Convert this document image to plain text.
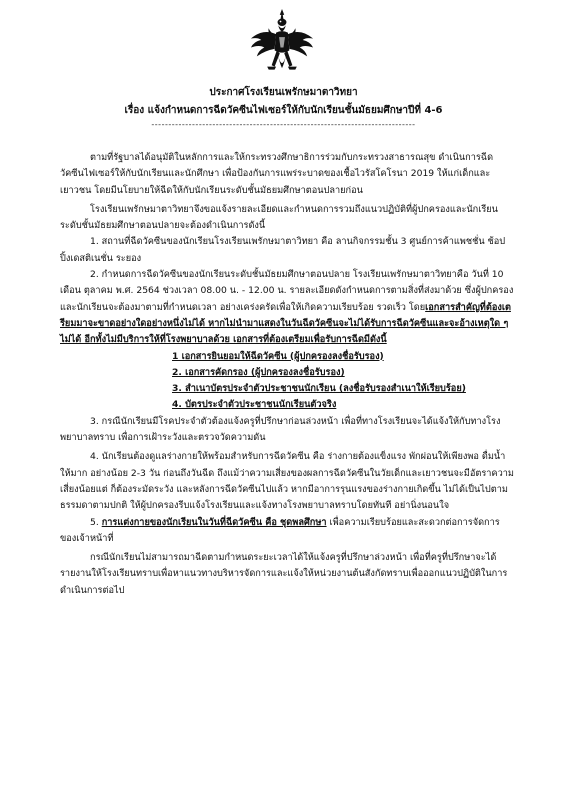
ประกาศโรงเรียนเพรักษมาตาวิทยา
เรื่อง แจ้งกำหนดการฉีดวัคซีนไฟเซอร์ให้กับนักเรียนชั้นมัธยมศึกษาปีที่ 4-6
------------------------------------------------------------------------------

ตามที่รัฐบาลได้อนุมัติในหลักการและให้กระทรวงศึกษาธิการร่วมกับกระทรวงสาธารณสุข ดำเนินการฉีดวัคซีนไฟเซอร์ให้กับนักเรียนและนักศึกษา เพื่อป้องกันการแพร่ระบาดของเชื้อไวรัสโคโรนา 2019 ให้แก่เด็กและเยาวชน โดยมีนโยบายให้ฉีดให้กับนักเรียนระดับชั้นมัธยมศึกษาตอนปลายก่อน

โรงเรียนเพรักษมาตาวิทยาจึงขอแจ้งรายละเอียดและกำหนดการรวมถึงแนวปฏิบัติที่ผู้ปกครองและนักเรียนระดับชั้นมัธยมศึกษาตอนปลายจะต้องดำเนินการดังนี้

1. สถานที่ฉีดวัคซีนของนักเรียนโรงเรียนเพรักษมาตาวิทยา คือ ลานกิจกรรมชั้น 3 ศูนย์การค้าแพชชั่น ช้อปปิ้งเดสติเนชั่น ระยอง

2. กำหนดการฉีดวัคซีนของนักเรียนระดับชั้นมัธยมศึกษาตอนปลาย โรงเรียนเพรักษมาตาวิทยาคือ วันที่ 10 เดือน ตุลาคม พ.ศ. 2564 ช่วงเวลา 08.00 น. - 12.00 น. รายละเอียดดังกำหนดการตามสิ่งที่ส่งมาด้วย ซึ่งผู้ปกครองและนักเรียนจะต้องมาตามที่กำหนดเวลา อย่างเคร่งครัดเพื่อให้เกิดความเรียบร้อย รวดเร็ว โดยเอกสารสำคัญที่ต้องเตรียมมาจะขาดอย่างใดอย่างหนึ่งไม่ได้ หากไม่นำมาแสดงในวันฉีดวัคซีนจะไม่ได้รับการฉีดวัคซีนและจะอ้างเหตุใด ๆ ไม่ได้ อีกทั้งไม่มีบริการให้ที่โรงพยาบาลด้วย เอกสารที่ต้องเตรียมเพื่อรับการฉีดมีดังนี้

1 เอกสารยินยอมให้ฉีดวัคซีน (ผู้ปกครองลงชื่อรับรอง)

2. เอกสารคัดกรอง (ผู้ปกครองลงชื่อรับรอง)

3. สำเนาบัตรประจำตัวประชาชนนักเรียน (ลงชื่อรับรองสำเนาให้เรียบร้อย)

4. บัตรประจำตัวประชาชนนักเรียนตัวจริง

3. กรณีนักเรียนมีโรคประจำตัวต้องแจ้งครูที่ปรึกษาก่อนล่วงหน้า เพื่อที่ทางโรงเรียนจะได้แจ้งให้กับทางโรงพยาบาลทราบ เพื่อการเฝ้าระวังและตรวจวัดความดัน

4. นักเรียนต้องดูแลร่างกายให้พร้อมสำหรับการฉีดวัคซีน คือ ร่างกายต้องแข็งแรง พักผ่อนให้เพียงพอ ดื่มน้ำให้มาก อย่างน้อย 2-3 วัน ก่อนถึงวันฉีด ถึงแม้ว่าความเสี่ยงของผลการฉีดวัคซีนในวัยเด็กและเยาวชนจะมีอัตราความเสี่ยงน้อยแต่ ก็ต้องระมัดระวัง และหลังการฉีดวัคซีนไปแล้ว หากมีอาการรุนแรงของร่างกายเกิดขึ้น ไม่ได้เป็นไปตามธรรมดาตามปกติ ให้ผู้ปกครองรีบแจ้งโรงเรียนและแจ้งทางโรงพยาบาลทราบโดยทันที อย่านิ่งนอนใจ

5. การแต่งกายของนักเรียนในวันที่ฉีดวัคซีน คือ ชุดพลศึกษา เพื่อความเรียบร้อยและสะดวกต่อการจัดการของเจ้าหน้าที่

กรณีนักเรียนไม่สามารถมาฉีดตามกำหนดระยะเวลาได้ให้แจ้งครูที่ปรึกษาล่วงหน้า เพื่อที่ครูที่ปรึกษาจะได้รายงานให้โรงเรียนทราบเพื่อหาแนวทางบริหารจัดการและแจ้งให้หน่วยงานต้นสังกัดทราบเพื่อออกแนวปฏิบัติในการดำเนินการต่อไป
